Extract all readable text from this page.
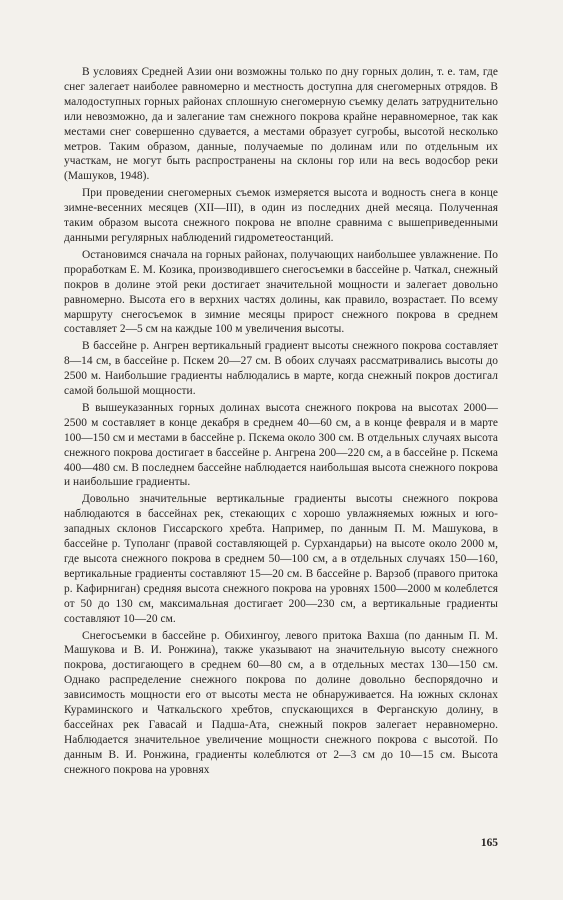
В условиях Средней Азии они возможны только по дну горных долин, т. е. там, где снег залегает наиболее равномерно и местность доступна для снегомерных отрядов. В малодоступных горных районах сплошную снегомерную съемку делать затруднительно или невозможно, да и залегание там снежного покрова крайне неравномерное, так как местами снег совершенно сдувается, а местами образует сугробы, высотой несколько метров. Таким образом, данные, получаемые по долинам или по отдельным их участкам, не могут быть распространены на склоны гор или на весь водосбор реки (Машуков, 1948).

При проведении снегомерных съемок измеряется высота и водность снега в конце зимне-весенних месяцев (XII—III), в один из последних дней месяца. Полученная таким образом высота снежного покрова не вполне сравнима с вышеприведенными данными регулярных наблюдений гидрометеостанций.

Остановимся сначала на горных районах, получающих наибольшее увлажнение. По проработкам Е. М. Козика, производившего снегосъемки в бассейне р. Чаткал, снежный покров в долине этой реки достигает значительной мощности и залегает довольно равномерно. Высота его в верхних частях долины, как правило, возрастает. По всему маршруту снегосъемок в зимние месяцы прирост снежного покрова в среднем составляет 2—5 см на каждые 100 м увеличения высоты.

В бассейне р. Ангрен вертикальный градиент высоты снежного покрова составляет 8—14 см, в бассейне р. Пскем 20—27 см. В обоих случаях рассматривались высоты до 2500 м. Наибольшие градиенты наблюдались в марте, когда снежный покров достигал самой большой мощности.

В вышеуказанных горных долинах высота снежного покрова на высотах 2000—2500 м составляет в конце декабря в среднем 40—60 см, а в конце февраля и в марте 100—150 см и местами в бассейне р. Пскема около 300 см. В отдельных случаях высота снежного покрова достигает в бассейне р. Ангрена 200—220 см, а в бассейне р. Пскема 400—480 см. В последнем бассейне наблюдается наибольшая высота снежного покрова и наибольшие градиенты.

Довольно значительные вертикальные градиенты высоты снежного покрова наблюдаются в бассейнах рек, стекающих с хорошо увлажняемых южных и юго-западных склонов Гиссарского хребта. Например, по данным П. М. Машукова, в бассейне р. Туполанг (правой составляющей р. Сурхандарьи) на высоте около 2000 м, где высота снежного покрова в среднем 50—100 см, а в отдельных случаях 150—160, вертикальные градиенты составляют 15—20 см. В бассейне р. Варзоб (правого притока р. Кафирниган) средняя высота снежного покрова на уровнях 1500—2000 м колеблется от 50 до 130 см, максимальная достигает 200—230 см, а вертикальные градиенты составляют 10—20 см.

Снегосъемки в бассейне р. Обихингоу, левого притока Вахша (по данным П. М. Машукова и В. И. Ронжина), также указывают на значительную высоту снежного покрова, достигающего в среднем 60—80 см, а в отдельных местах 130—150 см. Однако распределение снежного покрова по долине довольно беспорядочно и зависимость мощности его от высоты места не обнаруживается. На южных склонах Кураминского и Чаткальского хребтов, спускающихся в Ферганскую долину, в бассейнах рек Гавасай и Падша-Ата, снежный покров залегает неравномерно. Наблюдается значительное увеличение мощности снежного покрова с высотой. По данным В. И. Ронжина, градиенты колеблются от 2—3 см до 10—15 см. Высота снежного покрова на уровнях

165
